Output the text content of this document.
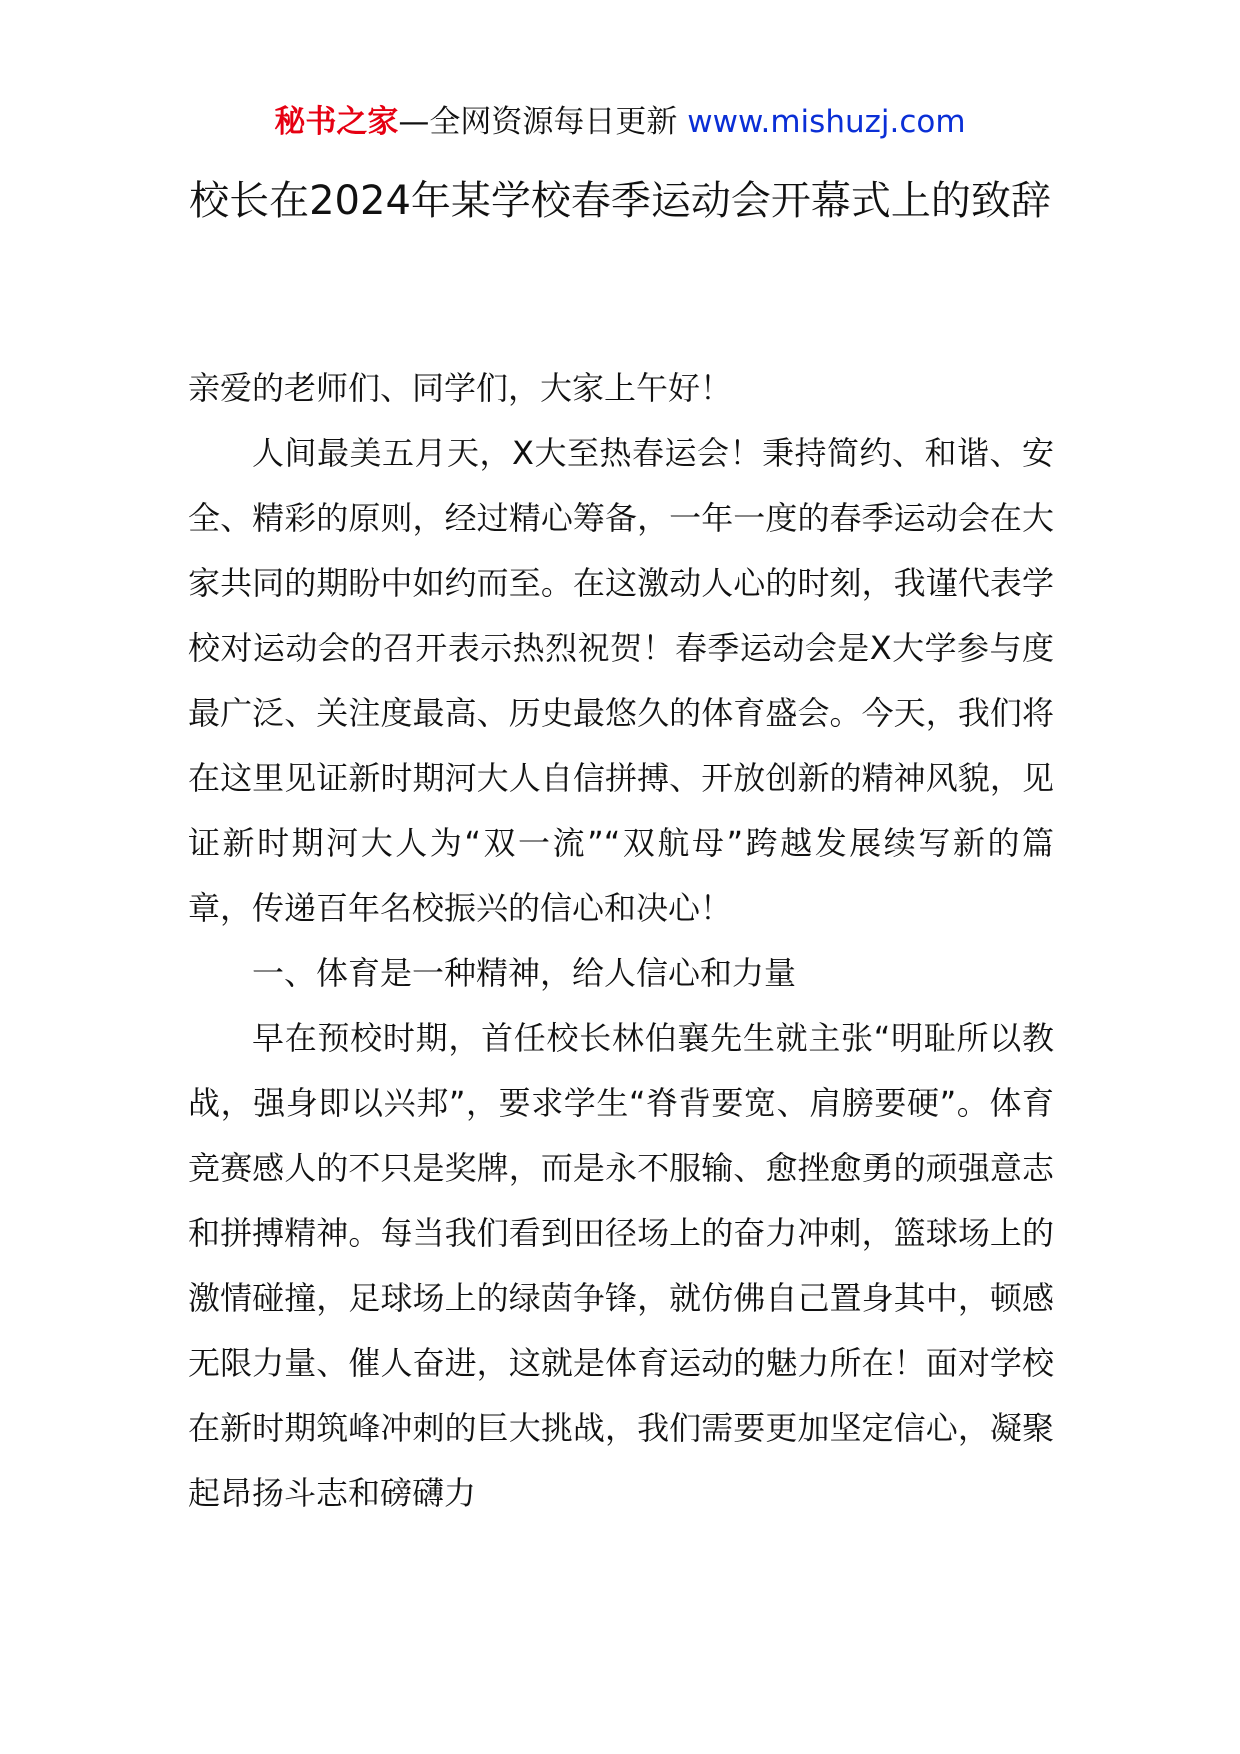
秘书之家—全网资源每日更新 www.mishuzj.com
校长在2024年某学校春季运动会开幕式上的致辞

亲爱的老师们、同学们，大家上午好！

人间最美五月天，X大至热春运会！秉持简约、和谐、安全、精彩的原则，经过精心筹备，一年一度的春季运动会在大家共同的期盼中如约而至。在这激动人心的时刻，我谨代表学校对运动会的召开表示热烈祝贺！春季运动会是X大学参与度最广泛、关注度最高、历史最悠久的体育盛会。今天，我们将在这里见证新时期河大人自信拼搏、开放创新的精神风貌，见证新时期河大人为“双一流”“双航母”跨越发展续写新的篇章，传递百年名校振兴的信心和决心！

一、体育是一种精神，给人信心和力量

早在预校时期，首任校长林伯襄先生就主张“明耻所以教战，强身即以兴邦”，要求学生“脊背要宽、肩膀要硬”。体育竞赛感人的不只是奖牌，而是永不服输、愈挫愈勇的顽强意志和拼搏精神。每当我们看到田径场上的奋力冲刺，篮球场上的激情碰撞，足球场上的绿茵争锋，就仿佛自己置身其中，顿感无限力量、催人奋进，这就是体育运动的魅力所在！面对学校在新时期筑峰冲刺的巨大挑战，我们需要更加坚定信心，凝聚起昂扬斗志和磅礴力
